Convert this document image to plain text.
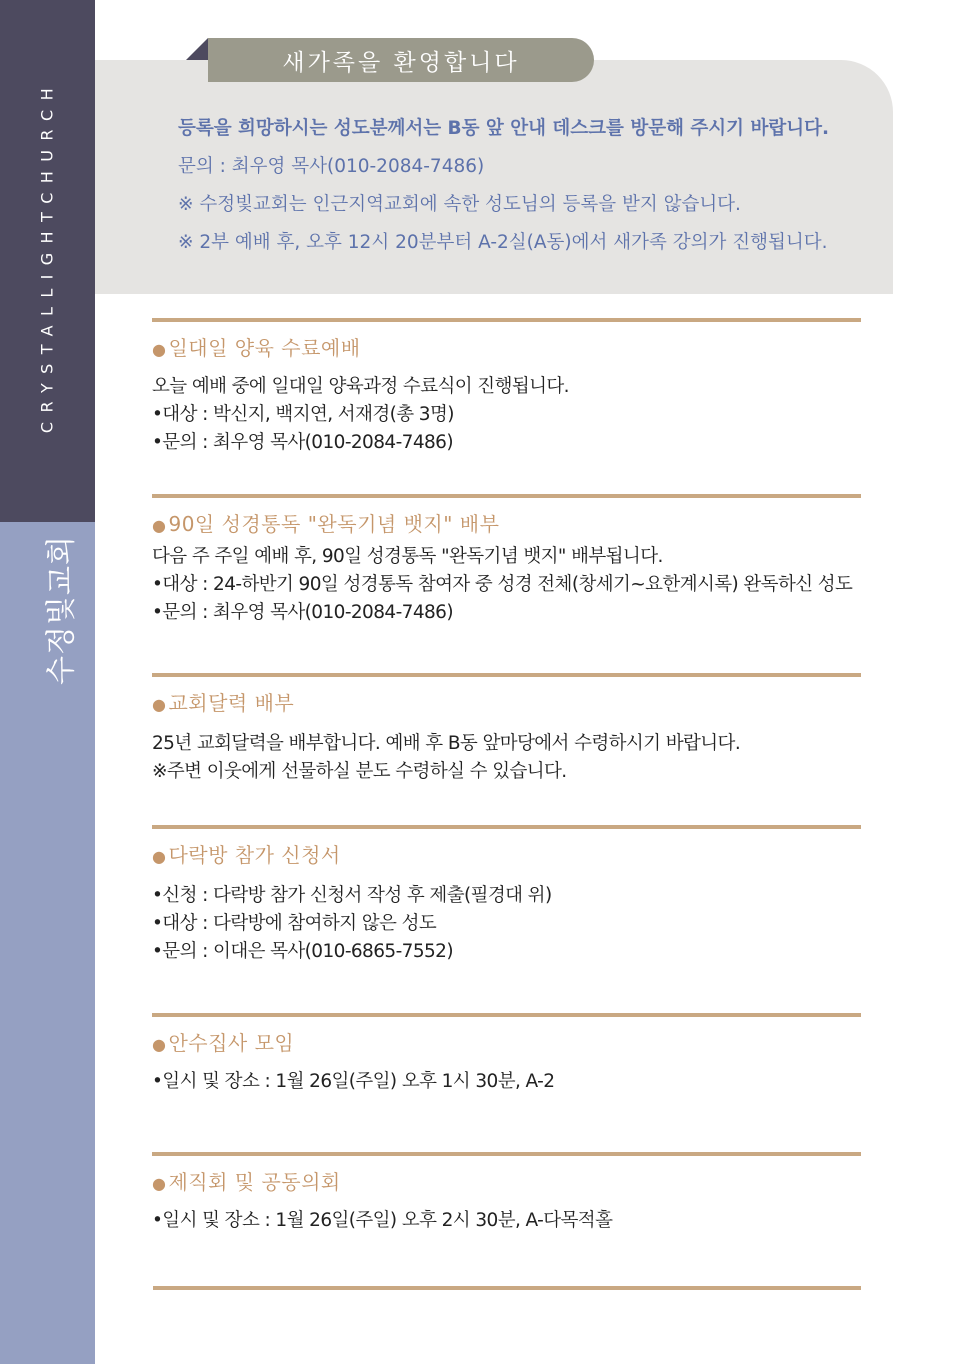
CRYSTALLIGHTCHURCH
수정빛교회
새가족을 환영합니다
등록을 희망하시는 성도분께서는 B동 앞 안내 데스크를 방문해 주시기 바랍니다.
문의 : 최우영 목사(010-2084-7486)
※ 수정빛교회는 인근지역교회에 속한 성도님의 등록을 받지 않습니다.
※ 2부 예배 후, 오후 12시 20분부터 A-2실(A동)에서 새가족 강의가 진행됩니다.
● 일대일 양육 수료예배
오늘 예배 중에 일대일 양육과정 수료식이 진행됩니다.
•대상 : 박신지, 백지연, 서재경(총 3명)
•문의 : 최우영 목사(010-2084-7486)
● 90일 성경통독 "완독기념 뱃지" 배부
다음 주 주일 예배 후, 90일 성경통독 "완독기념 뱃지" 배부됩니다.
•대상 : 24-하반기 90일 성경통독 참여자 중 성경 전체(창세기~요한계시록) 완독하신 성도
•문의 : 최우영 목사(010-2084-7486)
● 교회달력 배부
25년 교회달력을 배부합니다. 예배 후 B동 앞마당에서 수령하시기 바랍니다.
※주변 이웃에게 선물하실 분도 수령하실 수 있습니다.
● 다락방 참가 신청서
•신청 : 다락방 참가 신청서 작성 후 제출(필경대 위)
•대상 : 다락방에 참여하지 않은 성도
•문의 : 이대은 목사(010-6865-7552)
● 안수집사 모임
•일시 및 장소 : 1월 26일(주일) 오후 1시 30분, A-2
● 제직회 및 공동의회
•일시 및 장소 : 1월 26일(주일) 오후 2시 30분, A-다목적홀
